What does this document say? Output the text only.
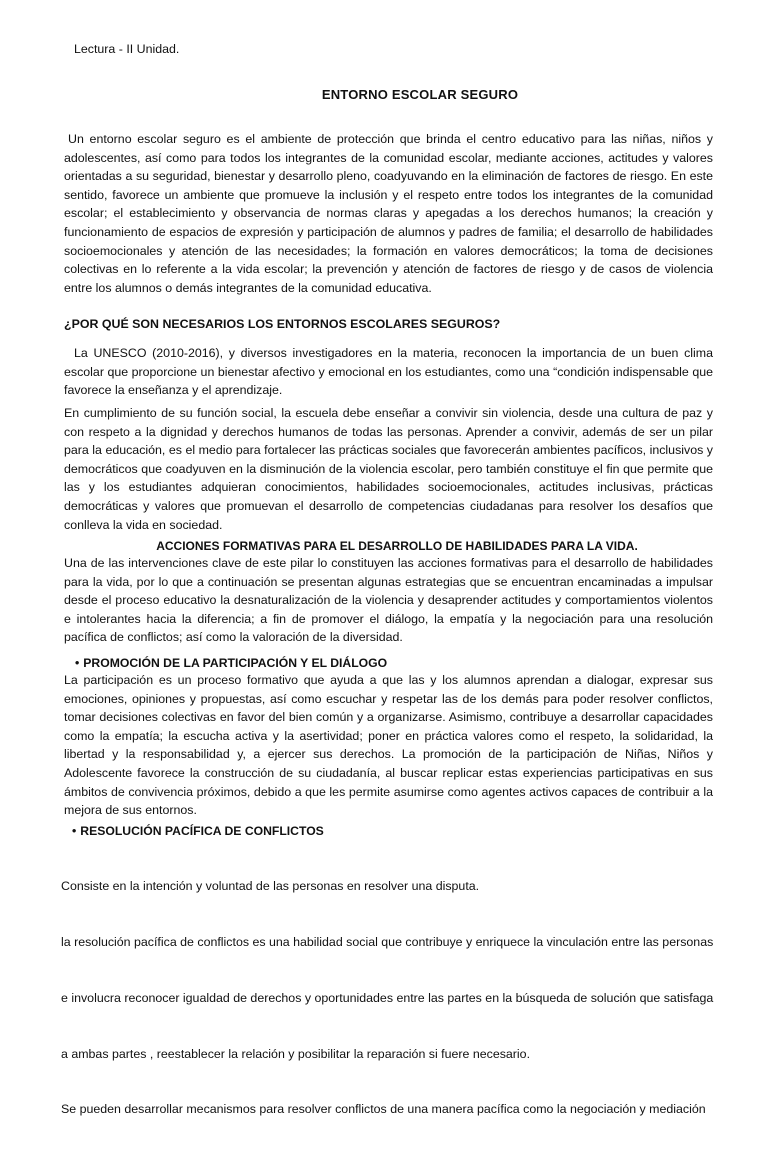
Lectura - II Unidad.
ENTORNO ESCOLAR SEGURO
Un entorno escolar seguro es el ambiente de protección que brinda el centro educativo para las niñas, niños y adolescentes, así como para todos los integrantes de la comunidad escolar, mediante acciones, actitudes y valores orientadas a su seguridad, bienestar y desarrollo pleno, coadyuvando en la eliminación de factores de riesgo. En este sentido, favorece un ambiente que promueve la inclusión y el respeto entre todos los integrantes de la comunidad escolar; el establecimiento y observancia de normas claras y apegadas a los derechos humanos; la creación y funcionamiento de espacios de expresión y participación de alumnos y padres de familia; el desarrollo de habilidades socioemocionales y atención de las necesidades; la formación en valores democráticos; la toma de decisiones colectivas en lo referente a la vida escolar; la prevención y atención de factores de riesgo y de casos de violencia entre los alumnos o demás integrantes de la comunidad educativa.
¿POR QUÉ SON NECESARIOS LOS ENTORNOS ESCOLARES SEGUROS?
La UNESCO (2010-2016), y diversos investigadores en la materia, reconocen la importancia de un buen clima escolar que proporcione un bienestar afectivo y emocional en los estudiantes, como una “condición indispensable que favorece la enseñanza y el aprendizaje.
En cumplimiento de su función social, la escuela debe enseñar a convivir sin violencia, desde una cultura de paz y con respeto a la dignidad y derechos humanos de todas las personas. Aprender a convivir, además de ser un pilar para la educación, es el medio para fortalecer las prácticas sociales que favorecerán ambientes pacíficos, inclusivos y democráticos que coadyuven en la disminución de la violencia escolar, pero también constituye el fin que permite que las y los estudiantes adquieran conocimientos, habilidades socioemocionales, actitudes inclusivas, prácticas democráticas y valores que promuevan el desarrollo de competencias ciudadanas para resolver los desafíos que conlleva la vida en sociedad.
ACCIONES FORMATIVAS PARA EL DESARROLLO DE HABILIDADES PARA LA VIDA.
Una de las intervenciones clave de este pilar lo constituyen las acciones formativas para el desarrollo de habilidades para la vida, por lo que a continuación se presentan algunas estrategias que se encuentran encaminadas a impulsar desde el proceso educativo la desnaturalización de la violencia y desaprender actitudes y comportamientos violentos e intolerantes hacia la diferencia; a fin de promover el diálogo, la empatía y la negociación para una resolución pacífica de conflictos; así como la valoración de la diversidad.
• PROMOCIÓN DE LA PARTICIPACIÓN Y EL DIÁLOGO
La participación es un proceso formativo que ayuda a que las y los alumnos aprendan a dialogar, expresar sus emociones, opiniones y propuestas, así como escuchar y respetar las de los demás para poder resolver conflictos, tomar decisiones colectivas en favor del bien común y a organizarse. Asimismo, contribuye a desarrollar capacidades como la empatía; la escucha activa y la asertividad; poner en práctica valores como el respeto, la solidaridad, la libertad y la responsabilidad y, a ejercer sus derechos. La promoción de la participación de Niñas, Niños y Adolescente favorece la construcción de su ciudadanía, al buscar replicar estas experiencias participativas en sus ámbitos de convivencia próximos, debido a que les permite asumirse como agentes activos capaces de contribuir a la mejora de sus entornos.
• RESOLUCIÓN PACÍFICA DE CONFLICTOS

Consiste en la intención y voluntad de las personas en resolver una disputa.

la resolución pacífica de conflictos es una habilidad social que contribuye y enriquece la vinculación entre las personas

e involucra reconocer igualdad de derechos y oportunidades entre las partes en la búsqueda de solución que satisfaga

a ambas partes , reestablecer la relación y posibilitar la reparación si fuere necesario.

Se pueden desarrollar mecanismos para resolver conflictos de una manera pacífica como la negociación y mediación
